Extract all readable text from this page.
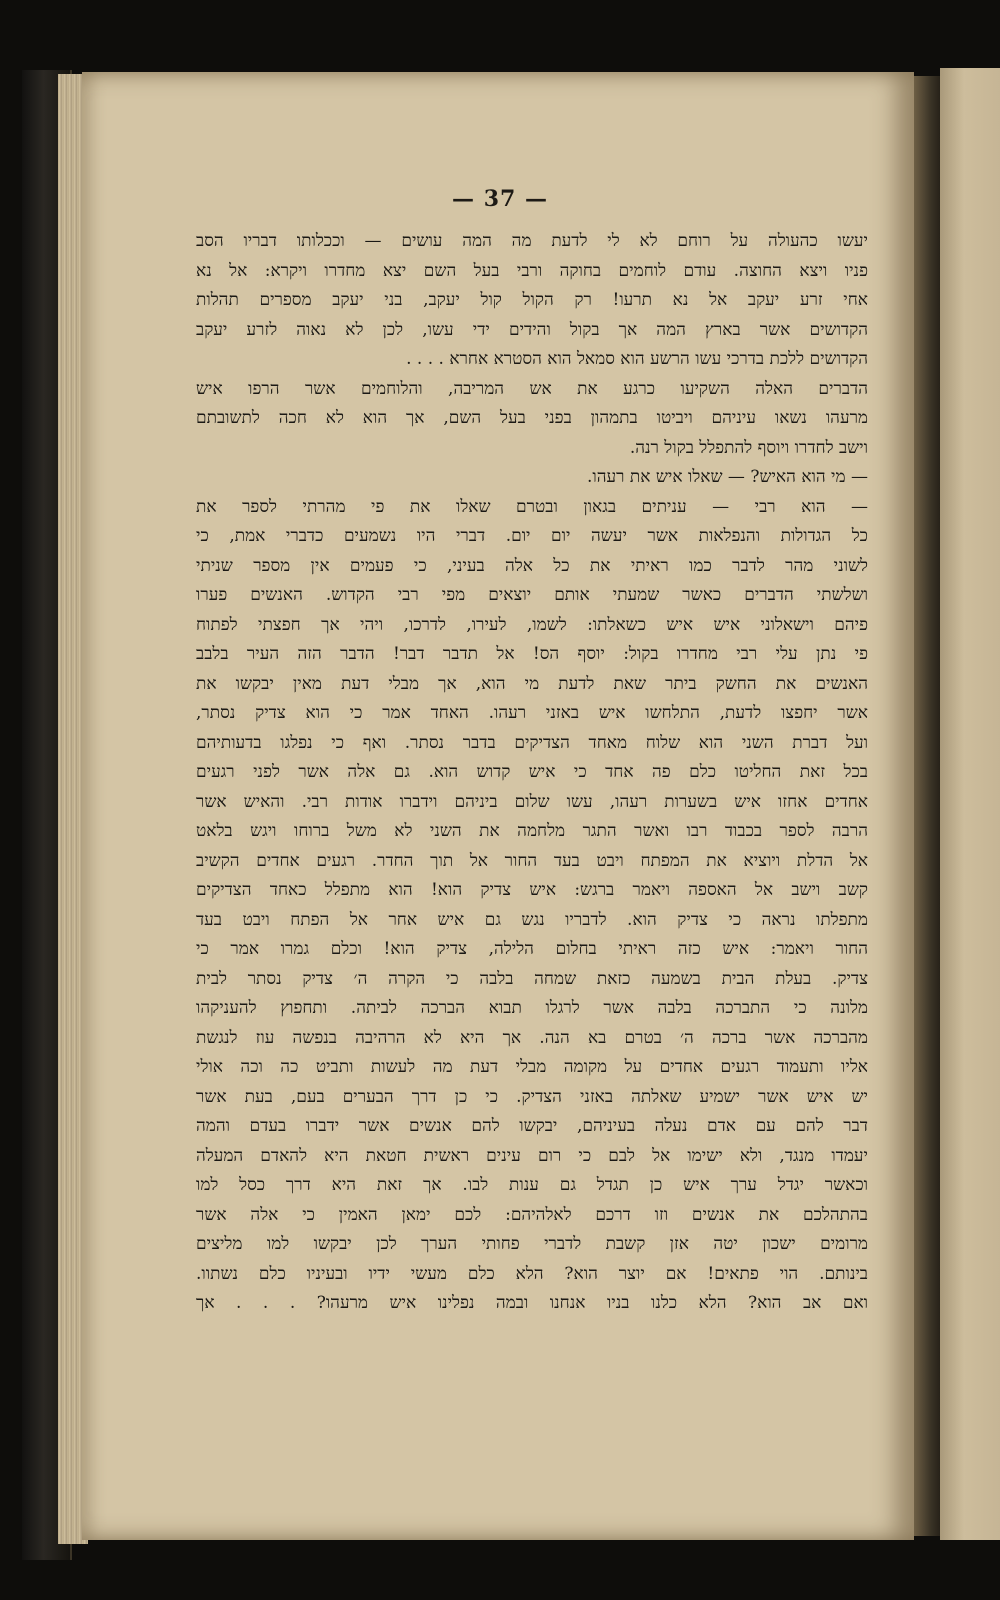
— 37 —
יעשו כהעולה על רוחם לא לי לדעת מה המה עושים — וככלותו דבריו הסב
פניו ויצא החוצה. עודם לוחמים בחוקה ורבי בעל השם יצא מחדרו ויקרא: אל נא
אחי זרע יעקב אל נא תרעו! רק הקול קול יעקב, בני יעקב מספרים תהלות
הקדושים אשר בארץ המה אך בקול והידים ידי עשו, לכן לא נאוה לזרע יעקב
הקדושים ללכת בדרכי עשו הרשע הוא סמאל הוא הסטרא אחרא . . . .
הדברים האלה השקיעו כרגע את אש המריבה, והלוחמים אשר הרפו איש
מרעהו נשאו עיניהם ויביטו בתמהון בפני בעל השם, אך הוא לא חכה לתשובתם
וישב לחדרו ויוסף להתפלל בקול רנה.
— מי הוא האיש? — שאלו איש את רעהו.
— הוא רבי — עניתים בגאון ובטרם שאלו את פי מהרתי לספר את
כל הגדולות והנפלאות אשר יעשה יום יום. דברי היו נשמעים כדברי אמת, כי
לשוני מהר לדבר כמו ראיתי את כל אלה בעיני, כי פעמים אין מספר שניתי
ושלשתי הדברים כאשר שמעתי אותם יוצאים מפי רבי הקדוש. האנשים פערו
פיהם וישאלוני איש איש כשאלתו: לשמו, לעירו, לדרכו, ויהי אך חפצתי לפתוח
פי נתן עלי רבי מחדרו בקול: יוסף הס! אל תדבר דבר! הדבר הזה העיר בלבב
האנשים את החשק ביתר שאת לדעת מי הוא, אך מבלי דעת מאין יבקשו את
אשר יחפצו לדעת, התלחשו איש באזני רעהו. האחד אמר כי הוא צדיק נסתר,
ועל דברת השני הוא שלוח מאחד הצדיקים בדבר נסתר. ואף כי נפלגו בדעותיהם
בכל זאת החליטו כלם פה אחד כי איש קדוש הוא. גם אלה אשר לפני רגעים
אחדים אחזו איש בשערות רעהו, עשו שלום ביניהם וידברו אודות רבי. והאיש אשר
הרבה לספר בכבוד רבו ואשר התגר מלחמה את השני לא משל ברוחו ויגש בלאט
אל הדלת ויוציא את המפתח ויבט בעד החור אל תוך החדר. רגעים אחדים הקשיב
קשב וישב אל האספה ויאמר ברגש: איש צדיק הוא! הוא מתפלל כאחד הצדיקים
מתפלתו נראה כי צדיק הוא. לדבריו נגש גם איש אחר אל הפתח ויבט בעד
החור ויאמר: איש כזה ראיתי בחלום הלילה, צדיק הוא! וכלם גמרו אמר כי
צדיק. בעלת הבית בשמעה כזאת שמחה בלבה כי הקרה ה׳ צדיק נסתר לבית
מלונה כי התברכה בלבה אשר לרגלו תבוא הברכה לביתה. ותחפוץ להעניקהו
מהברכה אשר ברכה ה׳ בטרם בא הנה. אך היא לא הרהיבה בנפשה עוז לנגשת
אליו ותעמוד רגעים אחדים על מקומה מבלי דעת מה לעשות ותביט כה וכה אולי
יש איש אשר ישמיע שאלתה באזני הצדיק. כי כן דרך הבערים בעם, בעת אשר
דבר להם עם אדם נעלה בעיניהם, יבקשו להם אנשים אשר ידברו בעדם והמה
יעמדו מנגד, ולא ישימו אל לבם כי רום עינים ראשית חטאת היא להאדם המעלה
וכאשר יגדל ערך איש כן תגדל גם ענות לבו. אך זאת היא דרך כסל למו
בהתהלכם את אנשים וזו דרכם לאלהיהם: לכם ימאן האמין כי אלה אשר
מרומים ישכון יטה אזן קשבת לדברי פחותי הערך לכן יבקשו למו מליצים
בינותם. הוי פתאים! אם יוצר הוא? הלא כלם מעשי ידיו ובעיניו כלם נשתוו.
ואם אב הוא? הלא כלנו בניו אנחנו ובמה נפלינו איש מרעהו? . . . אך
